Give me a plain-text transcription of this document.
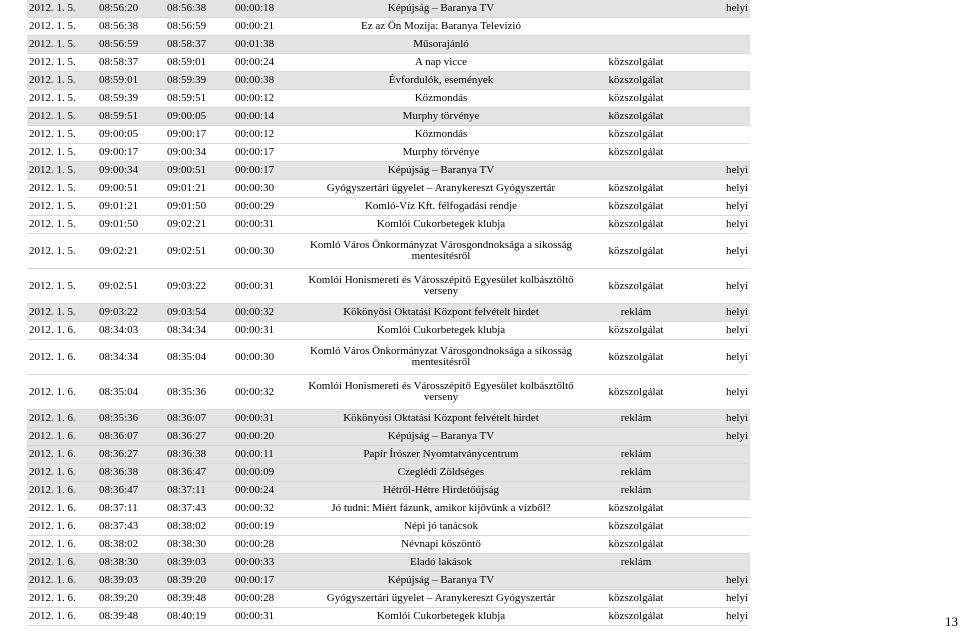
2012. 1. 5.	08:56:20	08:56:38	00:00:18	Képújság – Baranya TV		helyi
2012. 1. 5.	08:56:38	08:56:59	00:00:21	Ez az Ön Mozija: Baranya Televízió		
2012. 1. 5.	08:56:59	08:58:37	00:01:38	Műsorajánló		
2012. 1. 5.	08:58:37	08:59:01	00:00:24	A nap vicce	közszolgálat	
2012. 1. 5.	08:59:01	08:59:39	00:00:38	Évfordulók, események	közszolgálat	
2012. 1. 5.	08:59:39	08:59:51	00:00:12	Közmondás	közszolgálat	
2012. 1. 5.	08:59:51	09:00:05	00:00:14	Murphy törvénye	közszolgálat	
2012. 1. 5.	09:00:05	09:00:17	00:00:12	Közmondás	közszolgálat	
2012. 1. 5.	09:00:17	09:00:34	00:00:17	Murphy törvénye	közszolgálat	
2012. 1. 5.	09:00:34	09:00:51	00:00:17	Képújság – Baranya TV		helyi
2012. 1. 5.	09:00:51	09:01:21	00:00:30	Gyógyszertári ügyelet – Aranykereszt Gyógyszertár	közszolgálat	helyi
2012. 1. 5.	09:01:21	09:01:50	00:00:29	Komló-Víz Kft. félfogadási rendje	közszolgálat	helyi
2012. 1. 5.	09:01:50	09:02:21	00:00:31	Komlói Cukorbetegek klubja	közszolgálat	helyi
2012. 1. 5.	09:02:21	09:02:51	00:00:30	Komló Város Önkormányzat Városgondnoksága a síkosság mentesítésről	közszolgálat	helyi
2012. 1. 5.	09:02:51	09:03:22	00:00:31	Komlói Honismereti és Városszépítő Egyesület kolbásztöltő verseny	közszolgálat	helyi
2012. 1. 5.	09:03:22	09:03:54	00:00:32	Kökönyösi Oktatási Központ felvételt hirdet	reklám	helyi
2012. 1. 6.	08:34:03	08:34:34	00:00:31	Komlói Cukorbetegek klubja	közszolgálat	helyi
2012. 1. 6.	08:34:34	08:35:04	00:00:30	Komló Város Önkormányzat Városgondnoksága a síkosság mentesítésről	közszolgálat	helyi
2012. 1. 6.	08:35:04	08:35:36	00:00:32	Komlói Honismereti és Városszépítő Egyesület kolbásztöltő verseny	közszolgálat	helyi
2012. 1. 6.	08:35:36	08:36:07	00:00:31	Kökönyösi Oktatási Központ felvételt hirdet	reklám	helyi
2012. 1. 6.	08:36:07	08:36:27	00:00:20	Képújság – Baranya TV		helyi
2012. 1. 6.	08:36:27	08:36:38	00:00:11	Papír Írószer Nyomtatványcentrum	reklám	
2012. 1. 6.	08:36:38	08:36:47	00:00:09	Czeglédi Zöldséges	reklám	
2012. 1. 6.	08:36:47	08:37:11	00:00:24	Hétről-Hétre Hirdetőújság	reklám	
2012. 1. 6.	08:37:11	08:37:43	00:00:32	Jó tudni: Miért fázunk, amikor kijövünk a vízből?	közszolgálat	
2012. 1. 6.	08:37:43	08:38:02	00:00:19	Népi jó tanácsok	közszolgálat	
2012. 1. 6.	08:38:02	08:38:30	00:00:28	Névnapi köszöntő	közszolgálat	
2012. 1. 6.	08:38:30	08:39:03	00:00:33	Eladó lakások	reklám	
2012. 1. 6.	08:39:03	08:39:20	00:00:17	Képújság – Baranya TV		helyi
2012. 1. 6.	08:39:20	08:39:48	00:00:28	Gyógyszertári ügyelet – Aranykereszt Gyógyszertár	közszolgálat	helyi
2012. 1. 6.	08:39:48	08:40:19	00:00:31	Komlói Cukorbetegek klubja	közszolgálat	helyi	13
